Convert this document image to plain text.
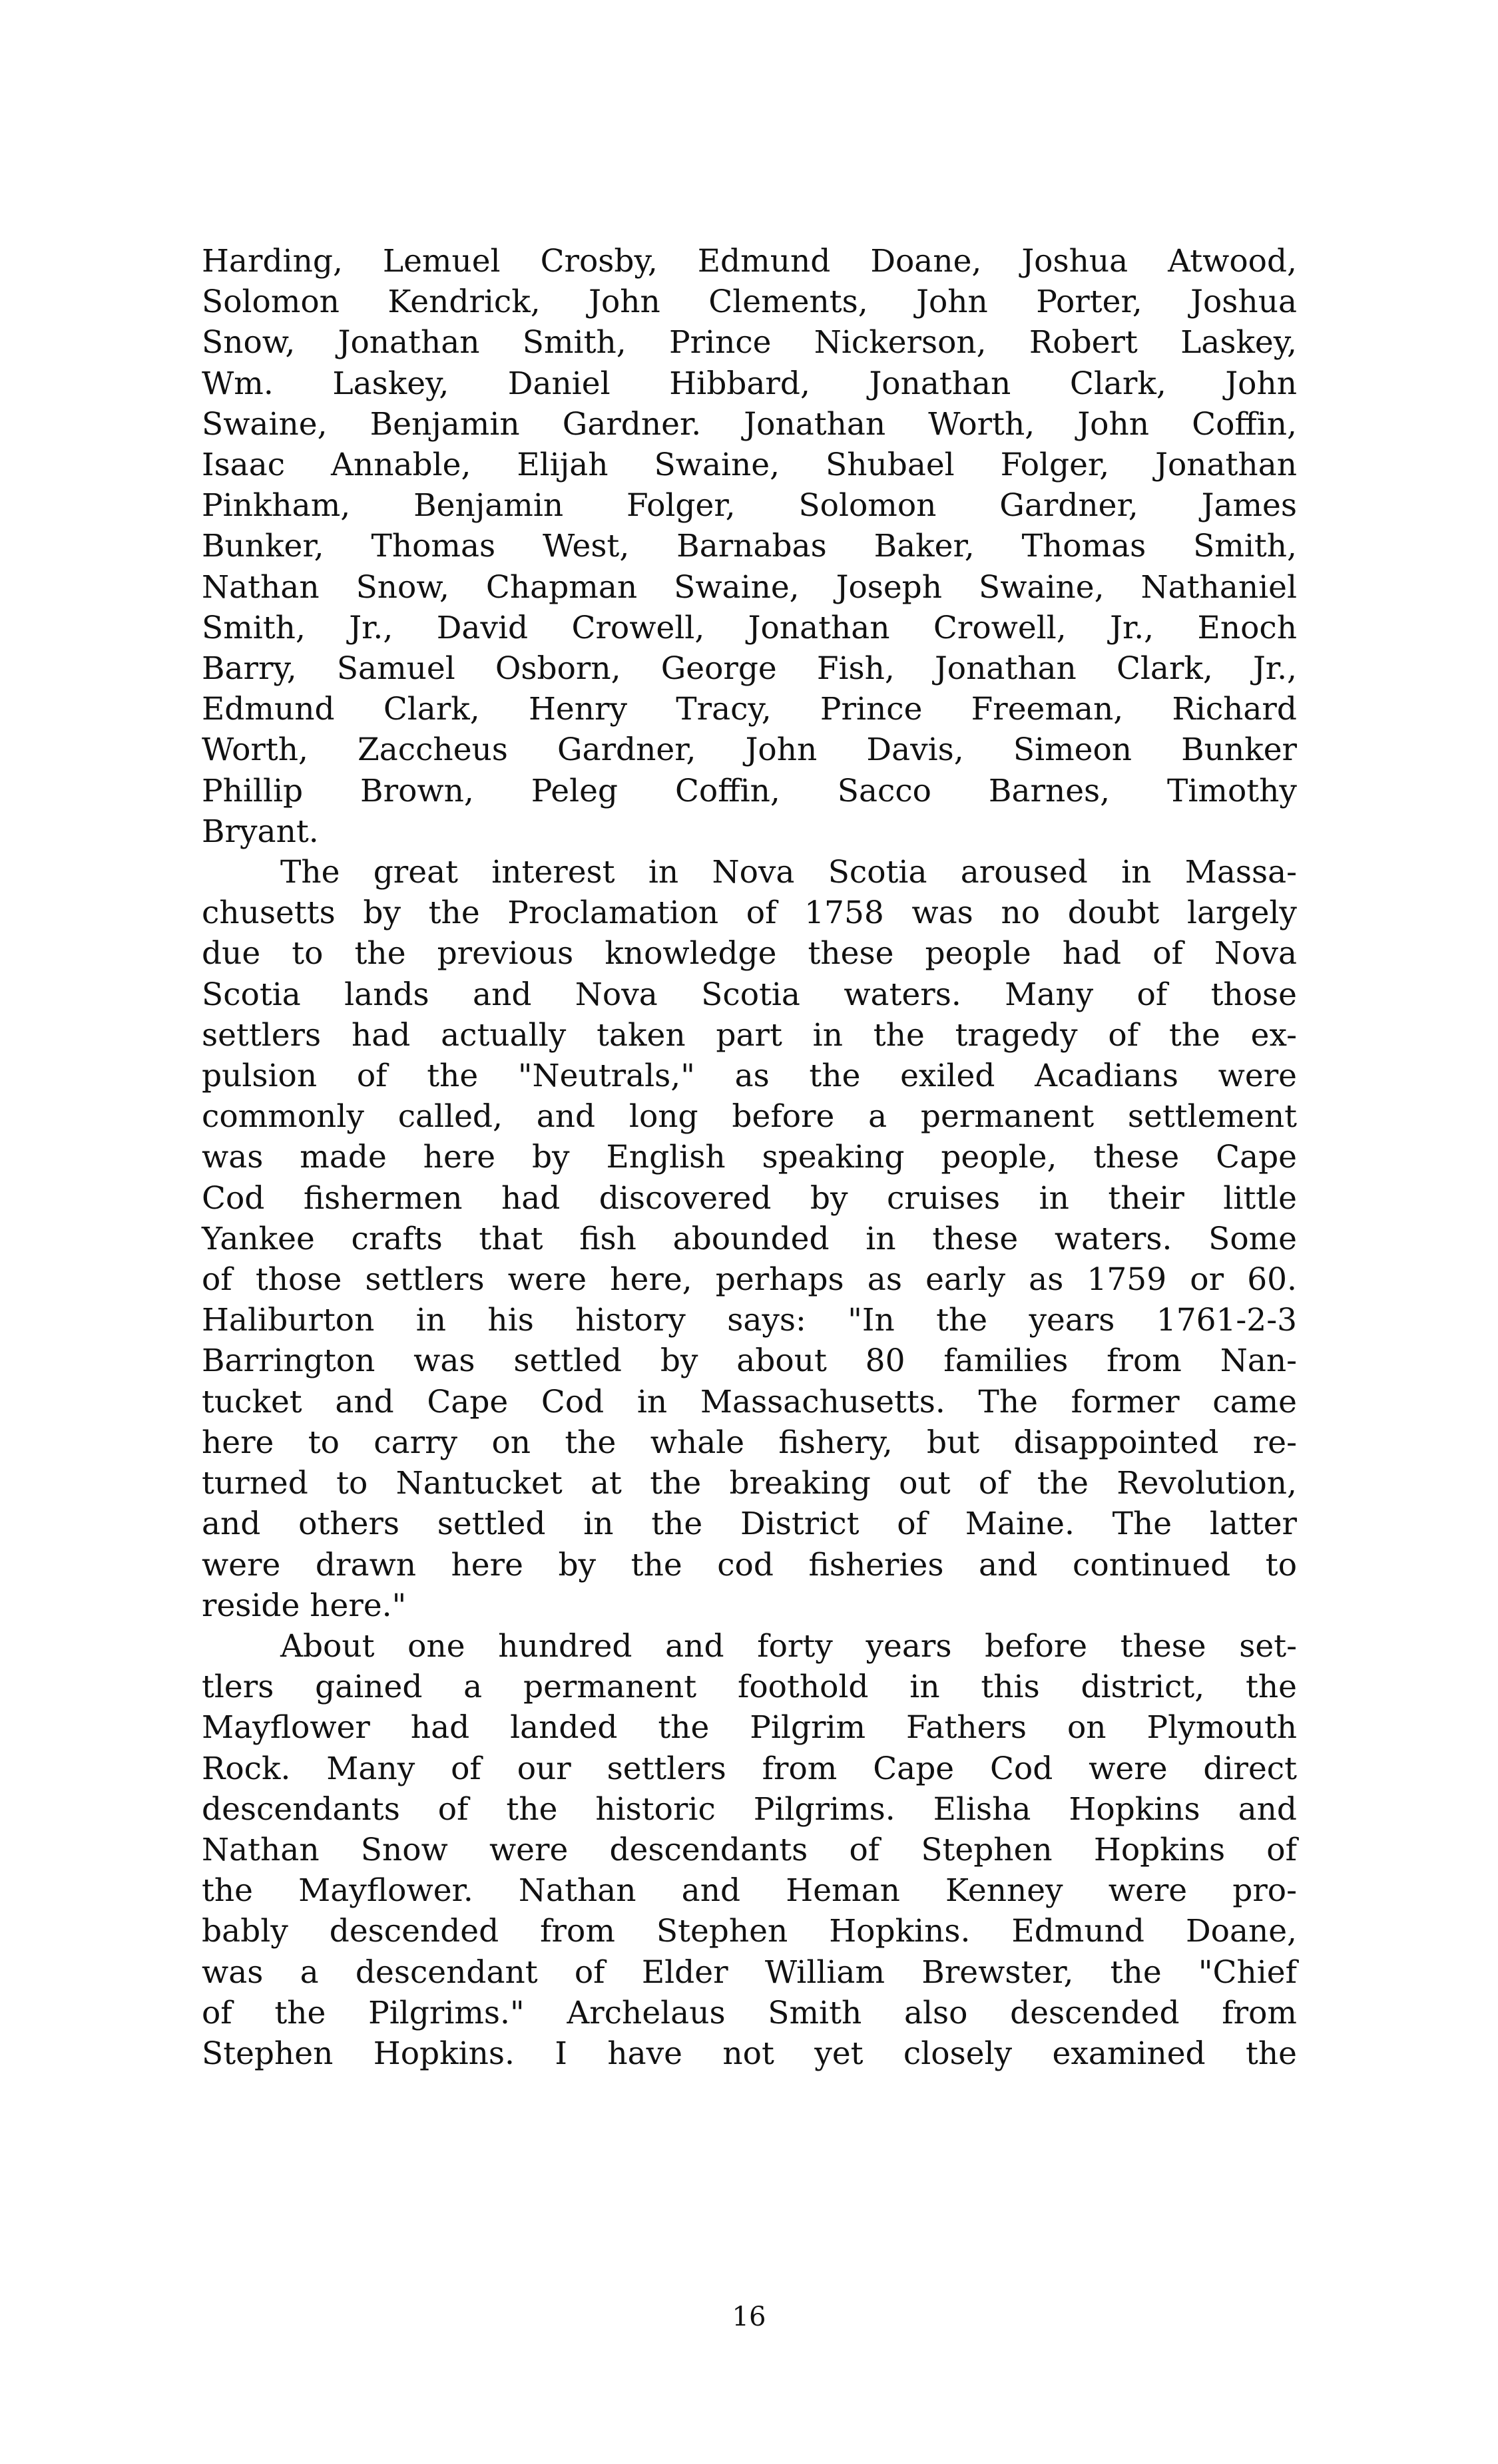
Harding, Lemuel Crosby, Edmund Doane, Joshua Atwood,
Solomon Kendrick, John Clements, John Porter, Joshua
Snow, Jonathan Smith, Prince Nickerson, Robert Laskey,
Wm. Laskey, Daniel Hibbard, Jonathan Clark, John
Swaine, Benjamin Gardner. Jonathan Worth, John Coffin,
Isaac Annable, Elijah Swaine, Shubael Folger, Jonathan
Pinkham, Benjamin Folger, Solomon Gardner, James
Bunker, Thomas West, Barnabas Baker, Thomas Smith,
Nathan Snow, Chapman Swaine, Joseph Swaine, Nathaniel
Smith, Jr., David Crowell, Jonathan Crowell, Jr., Enoch
Barry, Samuel Osborn, George Fish, Jonathan Clark, Jr.,
Edmund Clark, Henry Tracy, Prince Freeman, Richard
Worth, Zaccheus Gardner, John Davis, Simeon Bunker
Phillip Brown, Peleg Coffin, Sacco Barnes, Timothy
Bryant.

The great interest in Nova Scotia aroused in Massa-
chusetts by the Proclamation of 1758 was no doubt largely
due to the previous knowledge these people had of Nova
Scotia lands and Nova Scotia waters. Many of those
settlers had actually taken part in the tragedy of the ex-
pulsion of the "Neutrals," as the exiled Acadians were
commonly called, and long before a permanent settlement
was made here by English speaking people, these Cape
Cod fishermen had discovered by cruises in their little
Yankee crafts that fish abounded in these waters. Some
of those settlers were here, perhaps as early as 1759 or 60.
Haliburton in his history says: "In the years 1761-2-3
Barrington was settled by about 80 families from Nan-
tucket and Cape Cod in Massachusetts. The former came
here to carry on the whale fishery, but disappointed re-
turned to Nantucket at the breaking out of the Revolution,
and others settled in the District of Maine. The latter
were drawn here by the cod fisheries and continued to
reside here."

About one hundred and forty years before these set-
tlers gained a permanent foothold in this district, the
Mayflower had landed the Pilgrim Fathers on Plymouth
Rock. Many of our settlers from Cape Cod were direct
descendants of the historic Pilgrims. Elisha Hopkins and
Nathan Snow were descendants of Stephen Hopkins of
the Mayflower. Nathan and Heman Kenney were pro-
bably descended from Stephen Hopkins. Edmund Doane,
was a descendant of Elder William Brewster, the "Chief
of the Pilgrims." Archelaus Smith also descended from
Stephen Hopkins. I have not yet closely examined the

16
